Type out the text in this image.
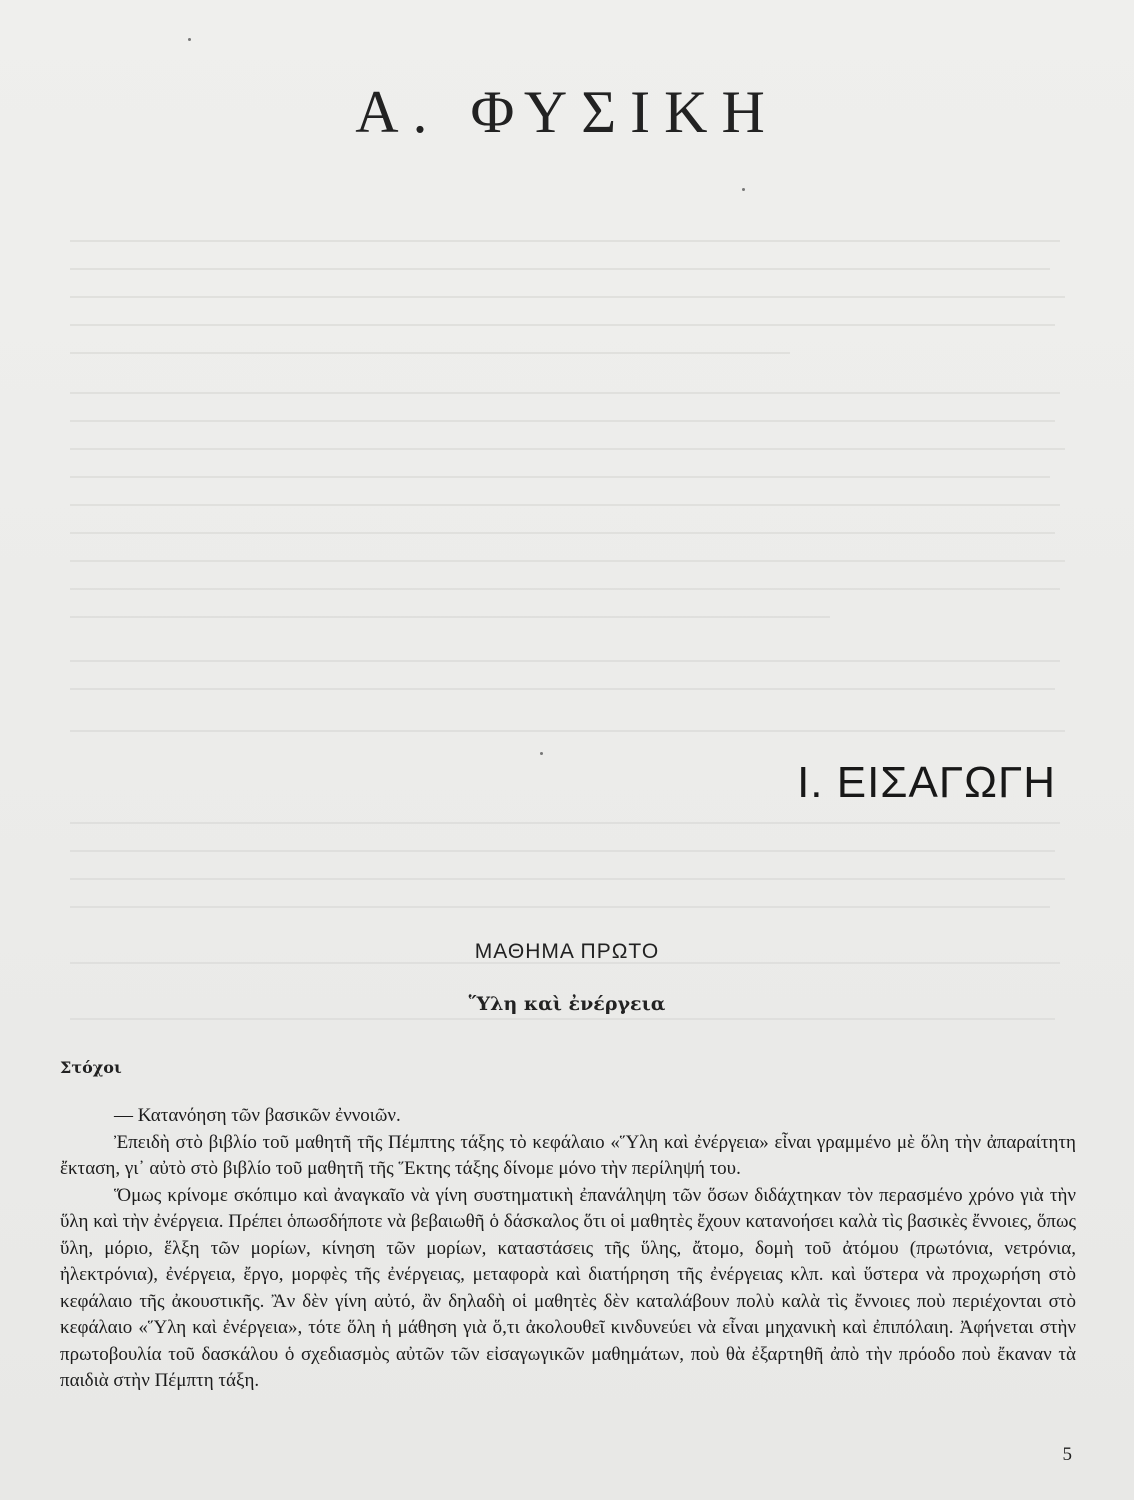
Α. ΦΥΣΙΚΗ
Ι. ΕΙΣΑΓΩΓΗ
ΜΑΘΗΜΑ ΠΡΩΤΟ
Ὕλη καὶ ἐνέργεια
Στόχοι

— Κατανόηση τῶν βασικῶν ἐννοιῶν.

Ἐπειδὴ στὸ βιβλίο τοῦ μαθητῆ τῆς Πέμπτης τάξης τὸ κεφάλαιο «Ὕλη καὶ ἐνέργεια» εἶναι γραμμένο μὲ ὅλη τὴν ἀπαραίτητη ἔκταση, γι᾽ αὐτὸ στὸ βιβλίο τοῦ μαθητῆ τῆς Ἕκτης τάξης δίνομε μόνο τὴν περίληψή του.

Ὅμως κρίνομε σκόπιμο καὶ ἀναγκαῖο νὰ γίνη συστηματικὴ ἐπανάληψη τῶν ὅσων διδάχτηκαν τὸν περασμένο χρόνο γιὰ τὴν ὕλη καὶ τὴν ἐνέργεια. Πρέπει ὁπωσδήποτε νὰ βεβαιωθῆ ὁ δάσκαλος ὅτι οἱ μαθητὲς ἔχουν κατανοήσει καλὰ τὶς βασικὲς ἔννοιες, ὅπως ὕλη, μόριο, ἕλξη τῶν μορίων, κίνηση τῶν μορίων, καταστάσεις τῆς ὕλης, ἄτομο, δομὴ τοῦ ἀτόμου (πρωτόνια, νετρόνια, ἠλεκτρόνια), ἐνέργεια, ἔργο, μορφὲς τῆς ἐνέργειας, μεταφορὰ καὶ διατήρηση τῆς ἐνέργειας κλπ. καὶ ὕστερα νὰ προχωρήση στὸ κεφάλαιο τῆς ἀκουστικῆς. Ἂν δὲν γίνη αὐτό, ἂν δηλαδὴ οἱ μαθητὲς δὲν καταλάβουν πολὺ καλὰ τὶς ἔννοιες ποὺ περιέχονται στὸ κεφάλαιο «Ὕλη καὶ ἐνέργεια», τότε ὅλη ἡ μάθηση γιὰ ὅ,τι ἀκολουθεῖ κινδυνεύει νὰ εἶναι μηχανικὴ καὶ ἐπιπόλαιη. Ἀφήνεται στὴν πρωτοβουλία τοῦ δασκάλου ὁ σχεδιασμὸς αὐτῶν τῶν εἰσαγωγικῶν μαθημάτων, ποὺ θὰ ἐξαρτηθῆ ἀπὸ τὴν πρόοδο ποὺ ἔκαναν τὰ παιδιὰ στὴν Πέμπτη τάξη.

5
